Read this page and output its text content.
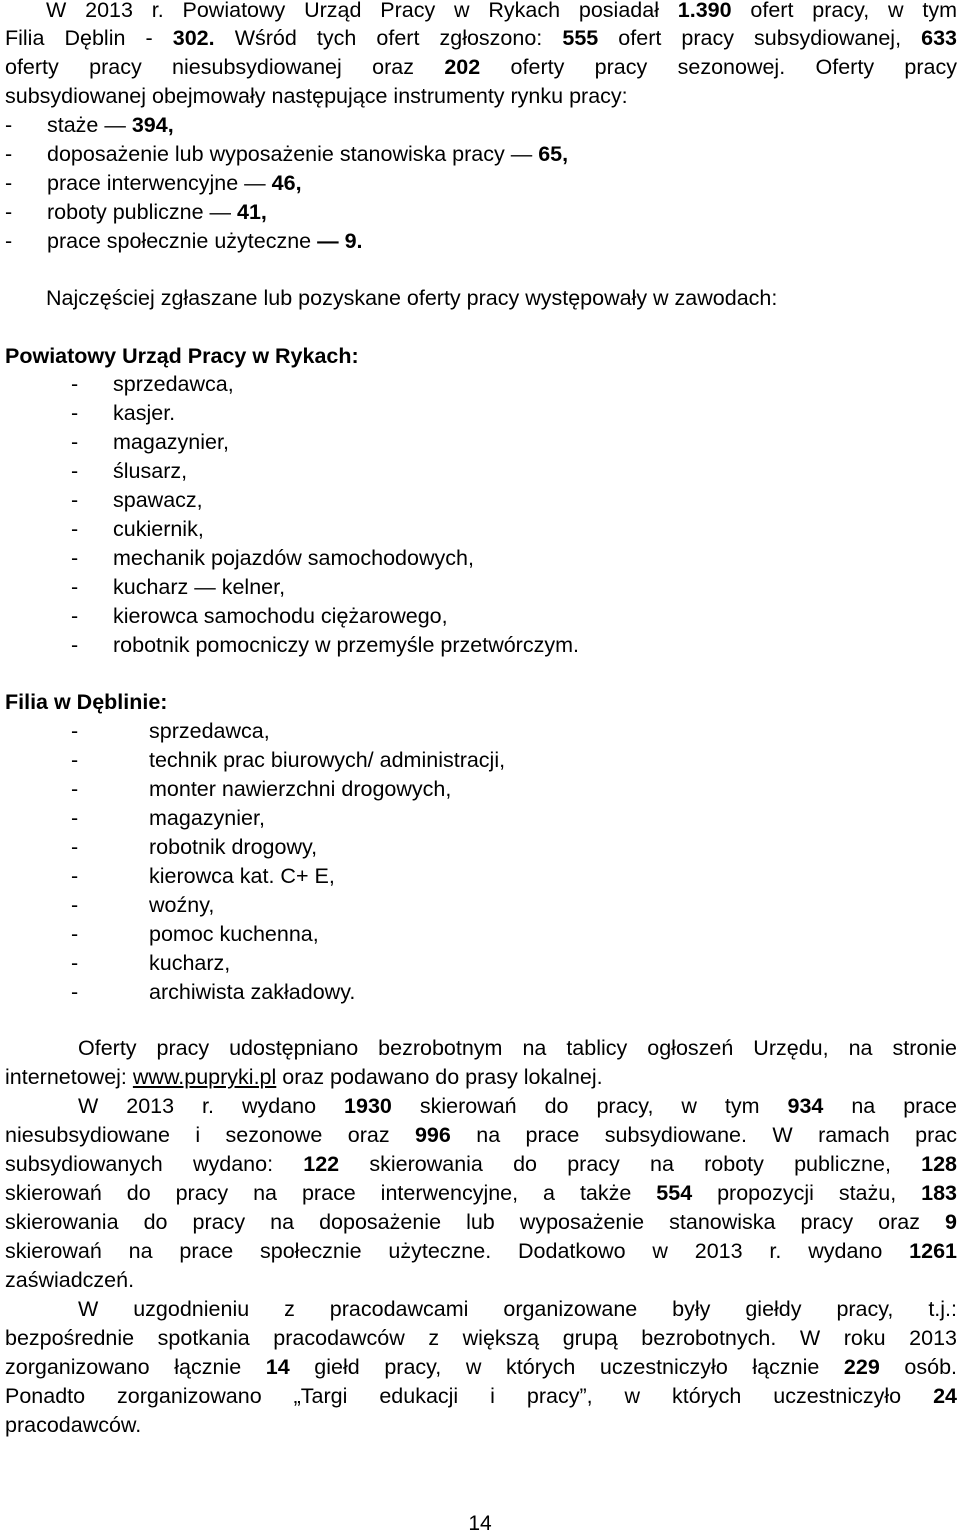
W 2013 r. Powiatowy Urząd Pracy w Rykach posiadał 1.390 ofert pracy, w tym
Filia Dęblin - 302. Wśród tych ofert zgłoszono: 555 ofert pracy subsydiowanej, 633
oferty pracy niesubsydiowanej oraz 202 oferty pracy sezonowej. Oferty pracy
subsydiowanej obejmowały następujące instrumenty rynku pracy:
-	staże — 394,
-	doposażenie lub wyposażenie stanowiska pracy — 65,
-	prace interwencyjne — 46,
-	roboty publiczne — 41,
-	prace społecznie użyteczne — 9.
Najczęściej zgłaszane lub pozyskane oferty pracy występowały w zawodach:
Powiatowy Urząd Pracy w Rykach:
-	sprzedawca,
-	kasjer.
-	magazynier,
-	ślusarz,
-	spawacz,
-	cukiernik,
-	mechanik pojazdów samochodowych,
-	kucharz — kelner,
-	kierowca samochodu ciężarowego,
-	robotnik pomocniczy w przemyśle przetwórczym.
Filia w Dęblinie:
-	sprzedawca,
-	technik prac biurowych/ administracji,
-	monter nawierzchni drogowych,
-	magazynier,
-	robotnik drogowy,
-	kierowca kat. C+ E,
-	woźny,
-	pomoc kuchenna,
-	kucharz,
-	archiwista zakładowy.
Oferty pracy udostępniano bezrobotnym na tablicy ogłoszeń Urzędu, na stronie
internetowej: www.pupryki.pl oraz podawano do prasy lokalnej.
W 2013 r. wydano 1930 skierowań do pracy, w tym 934 na prace
niesubsydiowane i sezonowe oraz 996 na prace subsydiowane. W ramach prac
subsydiowanych wydano: 122 skierowania do pracy na roboty publiczne, 128
skierowań do pracy na prace interwencyjne, a także 554 propozycji stażu, 183
skierowania do pracy na doposażenie lub wyposażenie stanowiska pracy oraz 9
skierowań na prace społecznie użyteczne. Dodatkowo w 2013 r. wydano 1261
zaświadczeń.
W uzgodnieniu z pracodawcami organizowane były giełdy pracy, t.j.:
bezpośrednie spotkania pracodawców z większą grupą bezrobotnych. W roku 2013
zorganizowano łącznie 14 giełd pracy, w których uczestniczyło łącznie 229 osób.
Ponadto zorganizowano „Targi edukacji i pracy”, w których uczestniczyło 24
pracodawców.
14
